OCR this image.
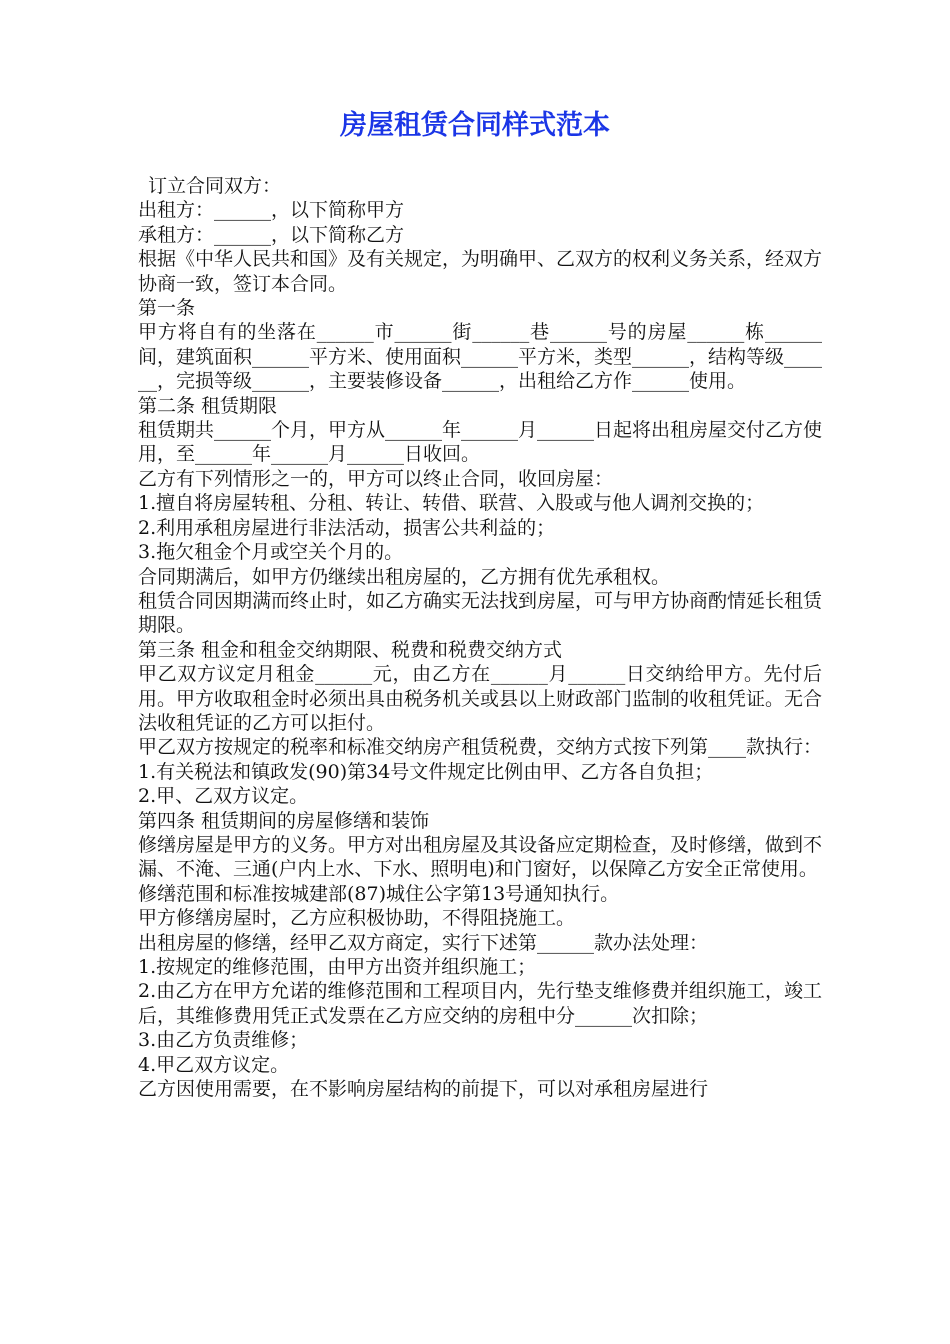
房屋租赁合同样式范本

订立合同双方：

出租方：______，以下简称甲方

承租方：______，以下简称乙方

根据《中华人民共和国》及有关规定，为明确甲、乙双方的权利义务关系，经双方协商一致，签订本合同。

第一条

甲方将自有的坐落在______市______街______巷______号的房屋______栋______间，建筑面积______平方米、使用面积______平方米，类型______，结构等级______，完损等级______，主要装修设备______，出租给乙方作______使用。

第二条 租赁期限

租赁期共______个月，甲方从______年______月______日起将出租房屋交付乙方使用，至______年______月______日收回。

乙方有下列情形之一的，甲方可以终止合同，收回房屋：

1.擅自将房屋转租、分租、转让、转借、联营、入股或与他人调剂交换的；

2.利用承租房屋进行非法活动，损害公共利益的；

3.拖欠租金个月或空关个月的。

合同期满后，如甲方仍继续出租房屋的，乙方拥有优先承租权。

租赁合同因期满而终止时，如乙方确实无法找到房屋，可与甲方协商酌情延长租赁期限。

第三条 租金和租金交纳期限、税费和税费交纳方式

甲乙双方议定月租金______元，由乙方在______月______日交纳给甲方。先付后用。甲方收取租金时必须出具由税务机关或县以上财政部门监制的收租凭证。无合法收租凭证的乙方可以拒付。

甲乙双方按规定的税率和标准交纳房产租赁税费，交纳方式按下列第____款执行：

1.有关税法和镇政发(90)第34号文件规定比例由甲、乙方各自负担；

2.甲、乙双方议定。

第四条 租赁期间的房屋修缮和装饰

修缮房屋是甲方的义务。甲方对出租房屋及其设备应定期检查，及时修缮，做到不漏、不淹、三通(户内上水、下水、照明电)和门窗好，以保障乙方安全正常使用。

修缮范围和标准按城建部(87)城住公字第13号通知执行。

甲方修缮房屋时，乙方应积极协助，不得阻挠施工。

出租房屋的修缮，经甲乙双方商定，实行下述第______款办法处理：

1.按规定的维修范围，由甲方出资并组织施工；

2.由乙方在甲方允诺的维修范围和工程项目内，先行垫支维修费并组织施工，竣工后，其维修费用凭正式发票在乙方应交纳的房租中分______次扣除；

3.由乙方负责维修；

4.甲乙双方议定。

乙方因使用需要，在不影响房屋结构的前提下，可以对承租房屋进行
